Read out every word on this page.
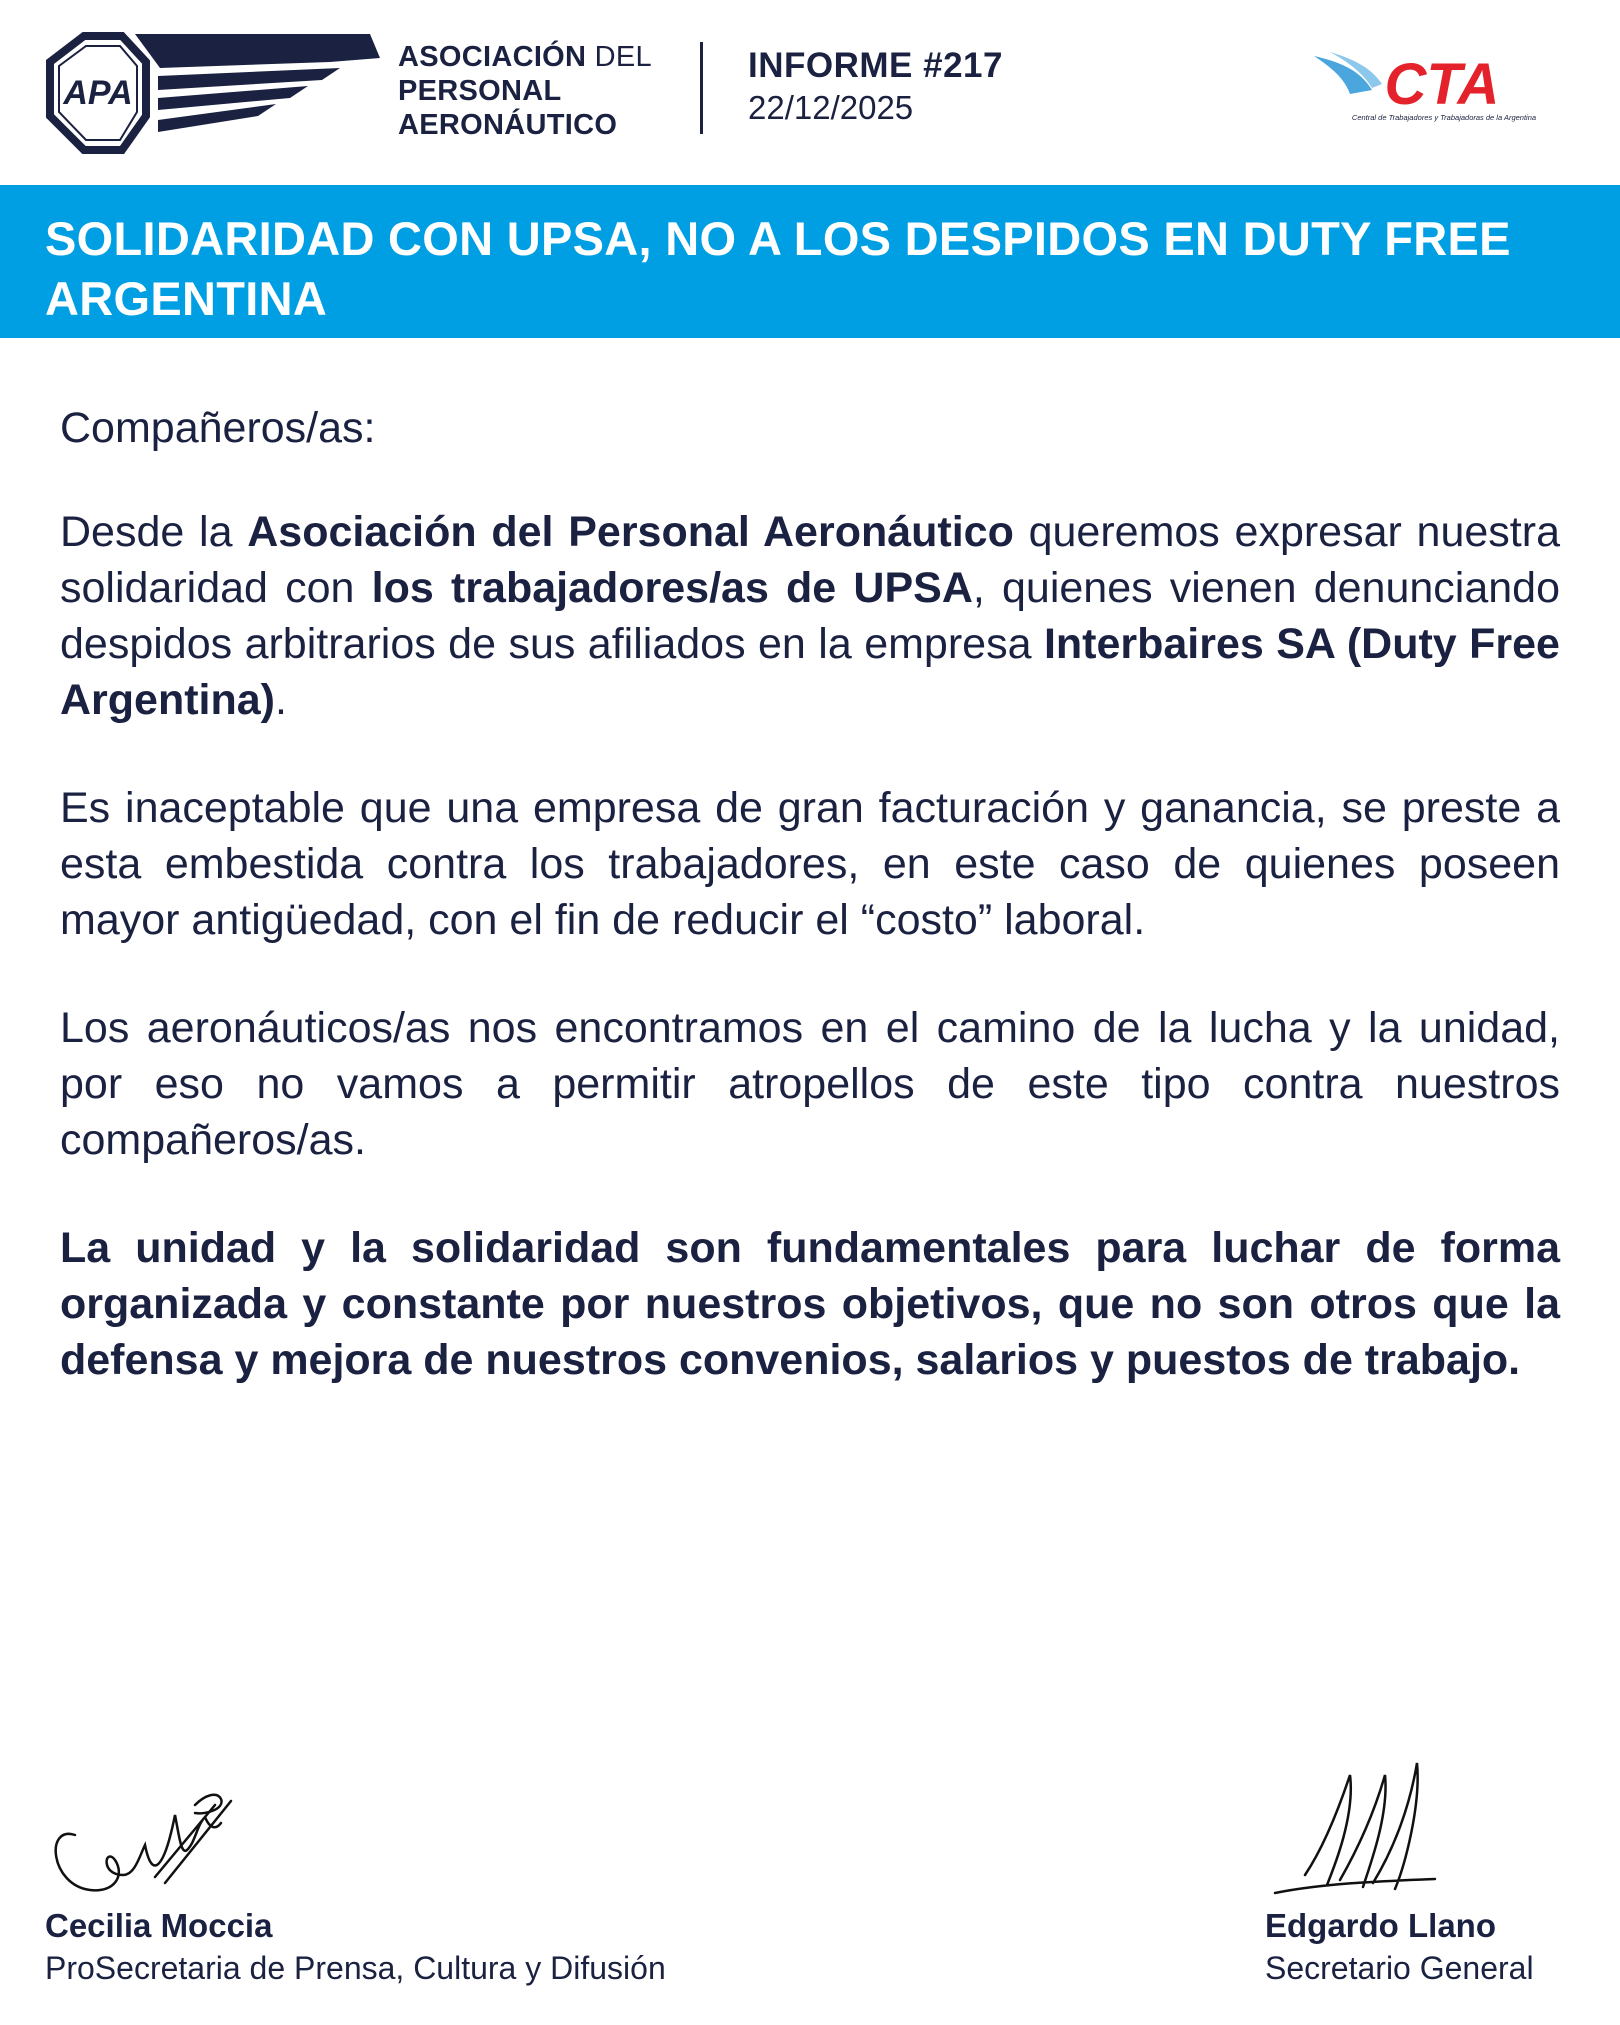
APA
ASOCIACIÓN DEL
PERSONAL
AERONÁUTICO
INFORME #217
22/12/2025	CTA
Central de Trabajadores y Trabajadoras de la Argentina
SOLIDARIDAD CON UPSA, NO A LOS DESPIDOS EN DUTY FREE ARGENTINA

Compañeros/as:

Desde la Asociación del Personal Aeronáutico queremos expresar nuestra solidaridad con los trabajadores/as de UPSA, quienes vienen denunciando despidos arbitrarios de sus afiliados en la empresa Interbaires SA (Duty Free Argentina).

Es inaceptable que una empresa de gran facturación y ganancia, se preste a esta embestida contra los trabajadores, en este caso de quienes poseen mayor antigüedad, con el fin de reducir el “costo” laboral.

Los aeronáuticos/as nos encontramos en el camino de la lucha y la unidad, por eso no vamos a permitir atropellos de este tipo contra nuestros compañeros/as.

La unidad y la solidaridad son fundamentales para luchar de forma organizada y constante por nuestros objetivos, que no son otros que la defensa y mejora de nuestros convenios, salarios y puestos de trabajo.

Cecilia Moccia
ProSecretaria de Prensa, Cultura y Difusión
Edgardo Llano
Secretario General
